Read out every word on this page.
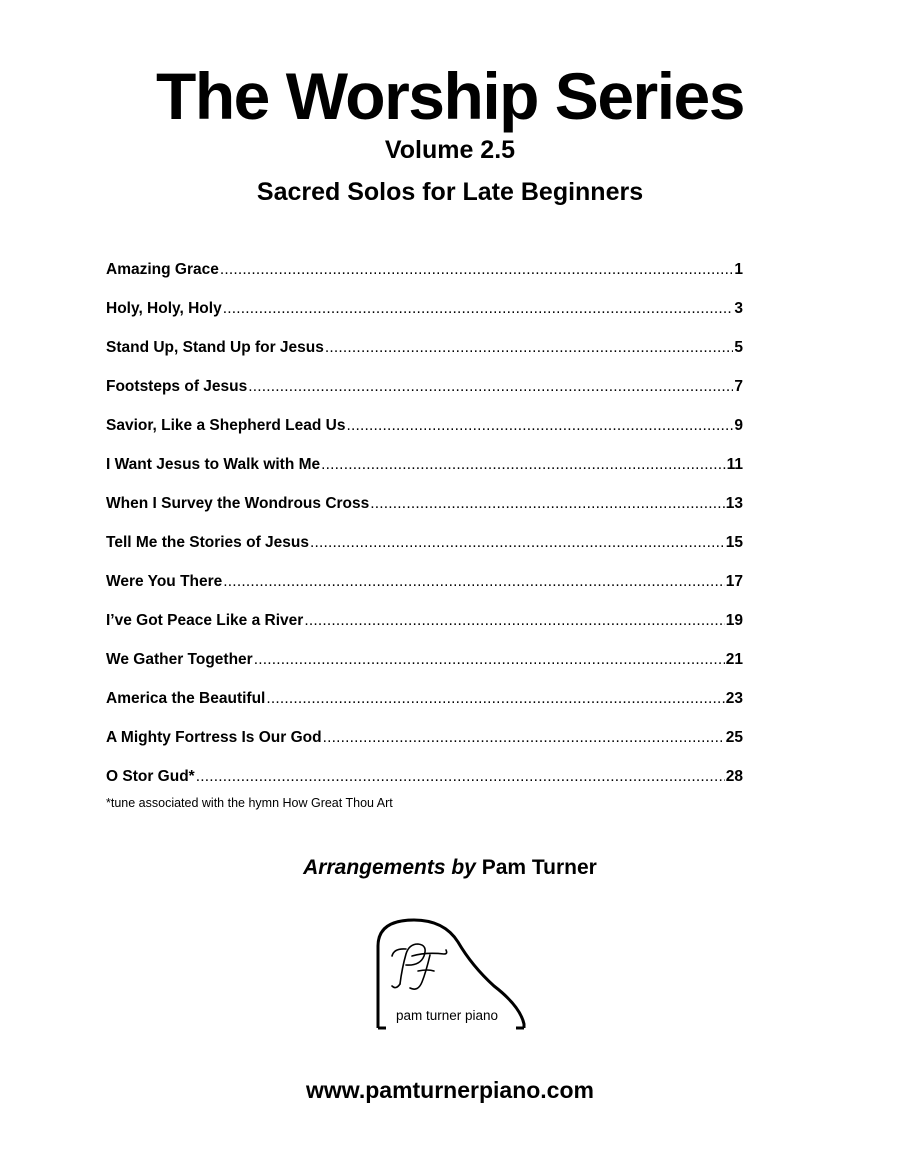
The Worship Series
Volume 2.5
Sacred Solos for Late Beginners
Amazing Grace .....	1
Holy, Holy, Holy .....	3
Stand Up, Stand Up for Jesus .....	5
Footsteps of Jesus .....	7
Savior, Like a Shepherd Lead Us .....	9
I Want Jesus to Walk with Me .....	11
When I Survey the Wondrous Cross .....	13
Tell Me the Stories of Jesus .....	15
Were You There .....	17
I’ve Got Peace Like a River .....	19
We Gather Together .....	21
America the Beautiful .....	23
A Mighty Fortress Is Our God .....	25
O Stor Gud* .....	28
*tune associated with the hymn How Great Thou Art
Arrangements by Pam Turner
pam turner piano
www.pamturnerpiano.com
